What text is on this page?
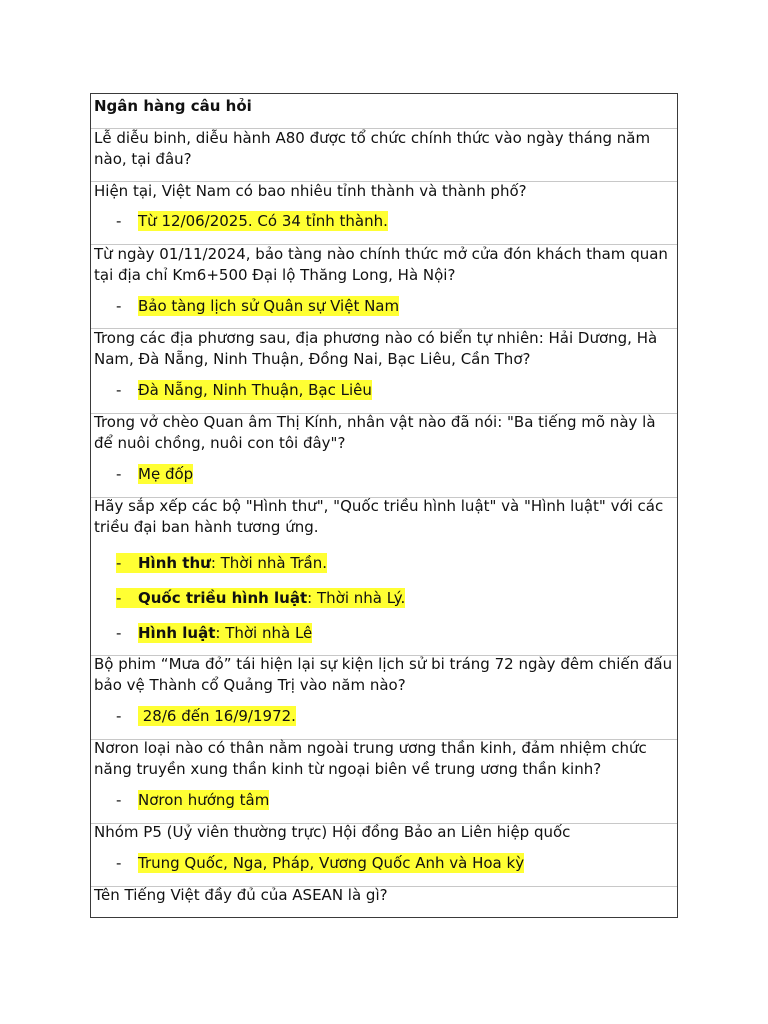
Ngân hàng câu hỏi
Lễ diễu binh, diễu hành A80 được tổ chức chính thức vào ngày tháng năm
nào, tại đâu?
Hiện tại, Việt Nam có bao nhiêu tỉnh thành và thành phố?
- Từ 12/06/2025. Có 34 tỉnh thành.
Từ ngày 01/11/2024, bảo tàng nào chính thức mở cửa đón khách tham quan
tại địa chỉ Km6+500 Đại lộ Thăng Long, Hà Nội?
- Bảo tàng lịch sử Quân sự Việt Nam
Trong các địa phương sau, địa phương nào có biển tự nhiên: Hải Dương, Hà
Nam, Đà Nẵng, Ninh Thuận, Đồng Nai, Bạc Liêu, Cần Thơ?
- Đà Nẵng, Ninh Thuận, Bạc Liêu
Trong vở chèo Quan âm Thị Kính, nhân vật nào đã nói: "Ba tiếng mõ này là
để nuôi chồng, nuôi con tôi đây"?
- Mẹ đốp
Hãy sắp xếp các bộ "Hình thư", "Quốc triều hình luật" và "Hình luật" với các
triều đại ban hành tương ứng.
-	Hình thư: Thời nhà Trần.
-	Quốc triều hình luật: Thời nhà Lý.
- Hình luật: Thời nhà Lê
Bộ phim “Mưa đỏ” tái hiện lại sự kiện lịch sử bi tráng 72 ngày đêm chiến đấu
bảo vệ Thành cổ Quảng Trị vào năm nào?
- 28/6 đến 16/9/1972.
Nơron loại nào có thân nằm ngoài trung ương thần kinh, đảm nhiệm chức
năng truyền xung thần kinh từ ngoại biên về trung ương thần kinh?
- Nơron hướng tâm
Nhóm P5 (Uỷ viên thường trực) Hội đồng Bảo an Liên hiệp quốc
- Trung Quốc, Nga, Pháp, Vương Quốc Anh và Hoa kỳ
Tên Tiếng Việt đầy đủ của ASEAN là gì?
